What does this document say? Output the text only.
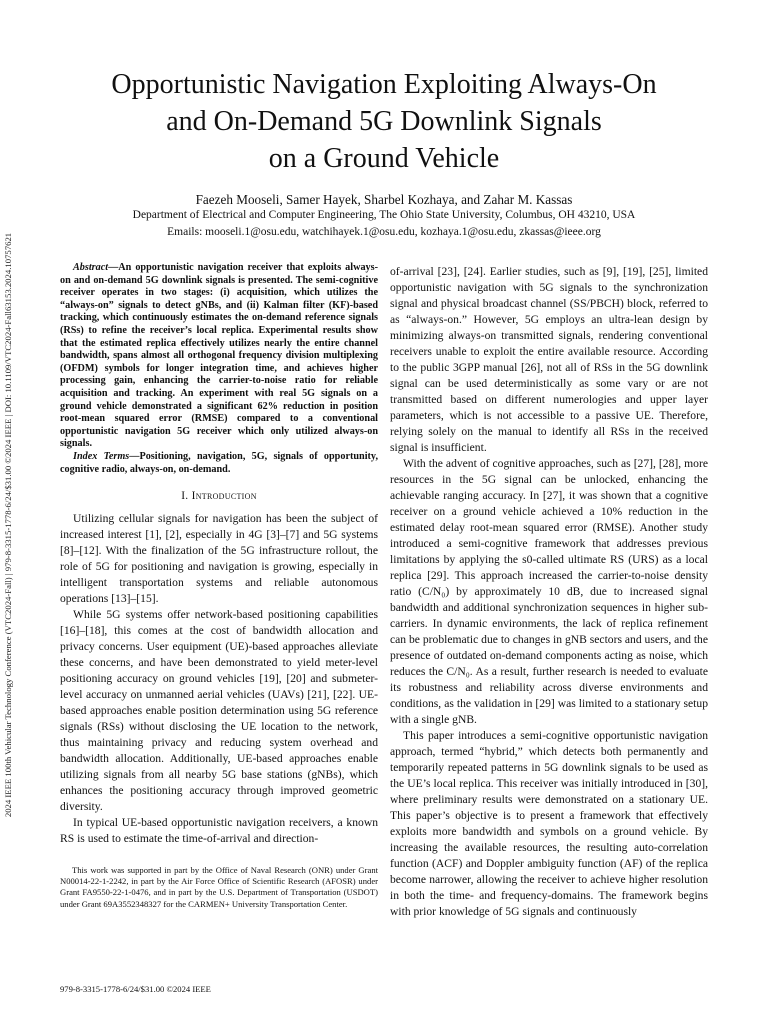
2024 IEEE 100th Vehicular Technology Conference (VTC2024-Fall) | 979-8-3315-1778-6/24/$31.00 ©2024 IEEE | DOI: 10.1109/VTC2024-Fall63153.2024.10757621
Opportunistic Navigation Exploiting Always-On
and On-Demand 5G Downlink Signals
on a Ground Vehicle
Faezeh Mooseli, Samer Hayek, Sharbel Kozhaya, and Zahar M. Kassas
Department of Electrical and Computer Engineering, The Ohio State University, Columbus, OH 43210, USA
Emails: mooseli.1@osu.edu, watchihayek.1@osu.edu, kozhaya.1@osu.edu, zkassas@ieee.org

Abstract—An opportunistic navigation receiver that exploits always-on and on-demand 5G downlink signals is presented. The semi-cognitive receiver operates in two stages: (i) acquisition, which utilizes the “always-on” signals to detect gNBs, and (ii) Kalman filter (KF)-based tracking, which continuously estimates the on-demand reference signals (RSs) to refine the receiver’s local replica. Experimental results show that the estimated replica effectively utilizes nearly the entire channel bandwidth, spans almost all orthogonal frequency division multiplexing (OFDM) symbols for longer integration time, and achieves higher processing gain, enhancing the carrier-to-noise ratio for reliable acquisition and tracking. An experiment with real 5G signals on a ground vehicle demonstrated a significant 62% reduction in position root-mean squared error (RMSE) compared to a conventional opportunistic navigation 5G receiver which only utilized always-on signals.

Index Terms—Positioning, navigation, 5G, signals of opportunity, cognitive radio, always-on, on-demand.

I. Introduction

Utilizing cellular signals for navigation has been the subject of increased interest [1], [2], especially in 4G [3]–[7] and 5G systems [8]–[12]. With the finalization of the 5G infrastructure rollout, the role of 5G for positioning and navigation is growing, especially in intelligent transportation systems and reliable autonomous operations [13]–[15].

While 5G systems offer network-based positioning capabilities [16]–[18], this comes at the cost of bandwidth allocation and privacy concerns. User equipment (UE)-based approaches alleviate these concerns, and have been demonstrated to yield meter-level positioning accuracy on ground vehicles [19], [20] and submeter-level accuracy on unmanned aerial vehicles (UAVs) [21], [22]. UE-based approaches enable position determination using 5G reference signals (RSs) without disclosing the UE location to the network, thus maintaining privacy and reducing system overhead and bandwidth allocation. Additionally, UE-based approaches enable utilizing signals from all nearby 5G base stations (gNBs), which enhances the positioning accuracy through improved geometric diversity.

In typical UE-based opportunistic navigation receivers, a known RS is used to estimate the time-of-arrival and direction-

This work was supported in part by the Office of Naval Research (ONR) under Grant N00014-22-1-2242, in part by the Air Force Office of Scientific Research (AFOSR) under Grant FA9550-22-1-0476, and in part by the U.S. Department of Transportation (USDOT) under Grant 69A3552348327 for the CARMEN+ University Transportation Center.

of-arrival [23], [24]. Earlier studies, such as [9], [19], [25], limited opportunistic navigation with 5G signals to the synchronization signal and physical broadcast channel (SS/PBCH) block, referred to as “always-on.” However, 5G employs an ultra-lean design by minimizing always-on transmitted signals, rendering conventional receivers unable to exploit the entire available resource. According to the public 3GPP manual [26], not all of RSs in the 5G downlink signal can be used deterministically as some vary or are not transmitted based on different numerologies and upper layer parameters, which is not accessible to a passive UE. Therefore, relying solely on the manual to identify all RSs in the received signal is insufficient.

With the advent of cognitive approaches, such as [27], [28], more resources in the 5G signal can be unlocked, enhancing the achievable ranging accuracy. In [27], it was shown that a cognitive receiver on a ground vehicle achieved a 10% reduction in the estimated delay root-mean squared error (RMSE). Another study introduced a semi-cognitive framework that addresses previous limitations by applying the s0-called ultimate RS (URS) as a local replica [29]. This approach increased the carrier-to-noise density ratio (C/N₀) by approximately 10 dB, due to increased signal bandwidth and additional synchronization sequences in higher sub-carriers. In dynamic environments, the lack of replica refinement can be problematic due to changes in gNB sectors and users, and the presence of outdated on-demand components acting as noise, which reduces the C/N₀. As a result, further research is needed to evaluate its robustness and reliability across diverse environments and conditions, as the validation in [29] was limited to a stationary setup with a single gNB.

This paper introduces a semi-cognitive opportunistic navigation approach, termed “hybrid,” which detects both permanently and temporarily repeated patterns in 5G downlink signals to be used as the UE’s local replica. This receiver was initially introduced in [30], where preliminary results were demonstrated on a stationary UE. This paper’s objective is to present a framework that effectively exploits more bandwidth and symbols on a ground vehicle. By increasing the available resources, the resulting auto-correlation function (ACF) and Doppler ambiguity function (AF) of the replica become narrower, allowing the receiver to achieve higher resolution in both the time- and frequency-domains. The framework begins with prior knowledge of 5G signals and continuously

979-8-3315-1778-6/24/$31.00 ©2024 IEEE
